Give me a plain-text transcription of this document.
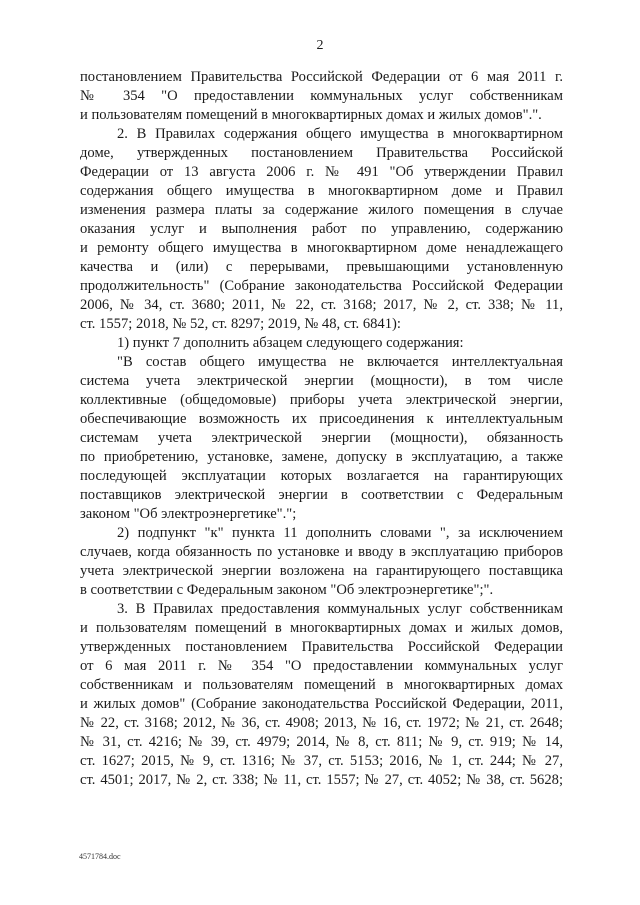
2
постановлением Правительства Российской Федерации от 6 мая 2011 г.
№ 354 "О предоставлении коммунальных услуг собственникам
и пользователям помещений в многоквартирных домах и жилых домов".".
2. В Правилах содержания общего имущества в многоквартирном
доме, утвержденных постановлением Правительства Российской
Федерации от 13 августа 2006 г. № 491 "Об утверждении Правил
содержания общего имущества в многоквартирном доме и Правил
изменения размера платы за содержание жилого помещения в случае
оказания услуг и выполнения работ по управлению, содержанию
и ремонту общего имущества в многоквартирном доме ненадлежащего
качества и (или) с перерывами, превышающими установленную
продолжительность" (Собрание законодательства Российской Федерации
2006, № 34, ст. 3680; 2011, № 22, ст. 3168; 2017, № 2, ст. 338; № 11,
ст. 1557; 2018, № 52, ст. 8297; 2019, № 48, ст. 6841):
1) пункт 7 дополнить абзацем следующего содержания:
"В состав общего имущества не включается интеллектуальная
система учета электрической энергии (мощности), в том числе
коллективные (общедомовые) приборы учета электрической энергии,
обеспечивающие возможность их присоединения к интеллектуальным
системам учета электрической энергии (мощности), обязанность
по приобретению, установке, замене, допуску в эксплуатацию, а также
последующей эксплуатации которых возлагается на гарантирующих
поставщиков электрической энергии в соответствии с Федеральным
законом "Об электроэнергетике".";
2) подпункт "к" пункта 11 дополнить словами ", за исключением
случаев, когда обязанность по установке и вводу в эксплуатацию приборов
учета электрической энергии возложена на гарантирующего поставщика
в соответствии с Федеральным законом "Об электроэнергетике";".
3. В Правилах предоставления коммунальных услуг собственникам
и пользователям помещений в многоквартирных домах и жилых домов,
утвержденных постановлением Правительства Российской Федерации
от 6 мая 2011 г. № 354 "О предоставлении коммунальных услуг
собственникам и пользователям помещений в многоквартирных домах
и жилых домов" (Собрание законодательства Российской Федерации, 2011,
№ 22, ст. 3168; 2012, № 36, ст. 4908; 2013, № 16, ст. 1972; № 21, ст. 2648;
№ 31, ст. 4216; № 39, ст. 4979; 2014, № 8, ст. 811; № 9, ст. 919; № 14,
ст. 1627; 2015, № 9, ст. 1316; № 37, ст. 5153; 2016, № 1, ст. 244; № 27,
ст. 4501; 2017, № 2, ст. 338; № 11, ст. 1557; № 27, ст. 4052; № 38, ст. 5628;
4571784.doc
